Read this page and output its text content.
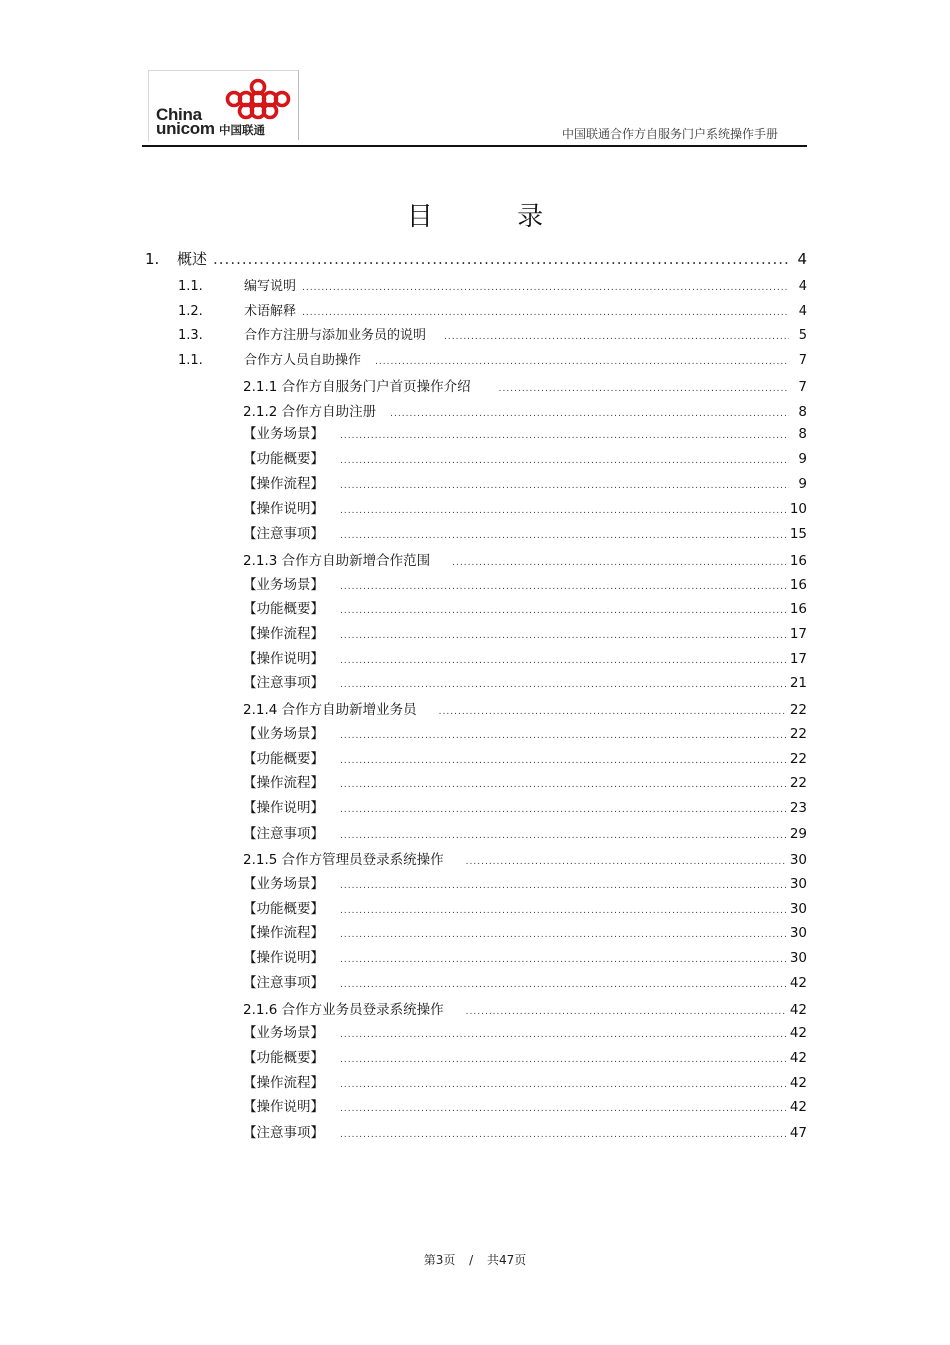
China
unicom 中国联通	中国联通合作方自服务门户系统操作手册
目 录
1.	概述 .....	4
1.1.	编写说明 .....	4
1.2.	术语解释 .....	4
1.3.	合作方注册与添加业务员的说明 .....	5
1.1.	合作方人员自助操作 .....	7
2.1.1 合作方自服务门户首页操作介绍 .....	7
2.1.2 合作方自助注册 .....	8
【业务场景】 .....	8
【功能概要】 .....	9
【操作流程】 .....	9
【操作说明】 .....	10
【注意事项】 .....	15
2.1.3 合作方自助新增合作范围 .....	16
【业务场景】 .....	16
【功能概要】 .....	16
【操作流程】 .....	17
【操作说明】 .....	17
【注意事项】 .....	21
2.1.4 合作方自助新增业务员 .....	22
【业务场景】 .....	22
【功能概要】 .....	22
【操作流程】 .....	22
【操作说明】 .....	23
【注意事项】 .....	29
2.1.5 合作方管理员登录系统操作 .....	30
【业务场景】 .....	30
【功能概要】 .....	30
【操作流程】 .....	30
【操作说明】 .....	30
【注意事项】 .....	42
2.1.6 合作方业务员登录系统操作 .....	42
【业务场景】 .....	42
【功能概要】 .....	42
【操作流程】 .....	42
【操作说明】 .....	42
【注意事项】 .....	47
第3页 / 共47页
